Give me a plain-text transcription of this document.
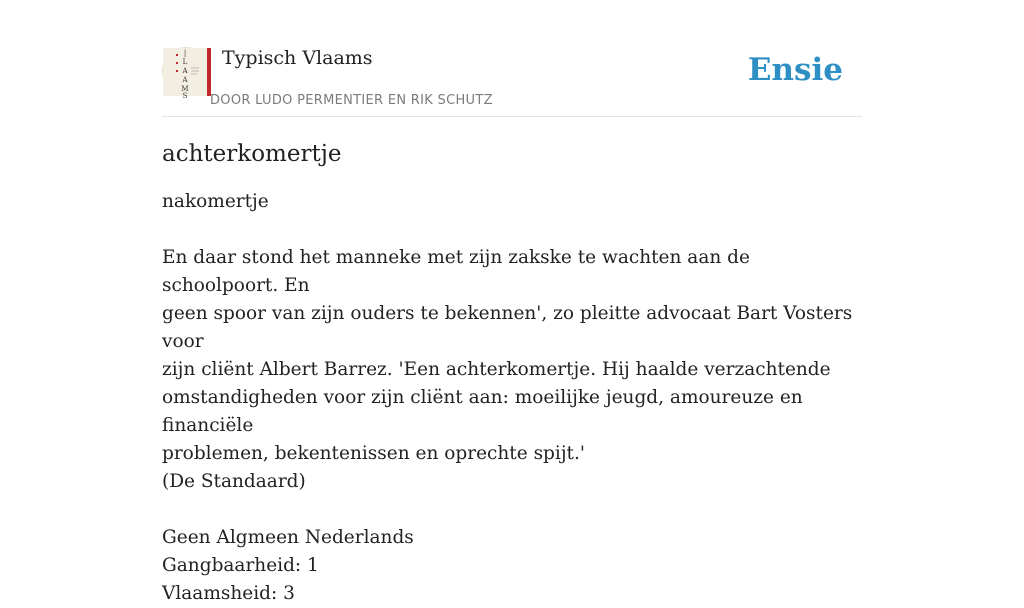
|
L
A
A
M
S
Typisch Vlaams
DOOR LUDO PERMENTIER EN RIK SCHUTZ
Ensie
achterkomertje

nakomertje

En daar stond het manneke met zijn zakske te wachten aan de schoolpoort. En

geen spoor van zijn ouders te bekennen', zo pleitte advocaat Bart Vosters voor

zijn cliënt Albert Barrez. 'Een achterkomertje. Hij haalde verzachtende

omstandigheden voor zijn cliënt aan: moeilijke jeugd, amoureuze en financiële

problemen, bekentenissen en oprechte spijt.'

(De Standaard)

Geen Algmeen Nederlands

Gangbaarheid: 1

Vlaamsheid: 3
